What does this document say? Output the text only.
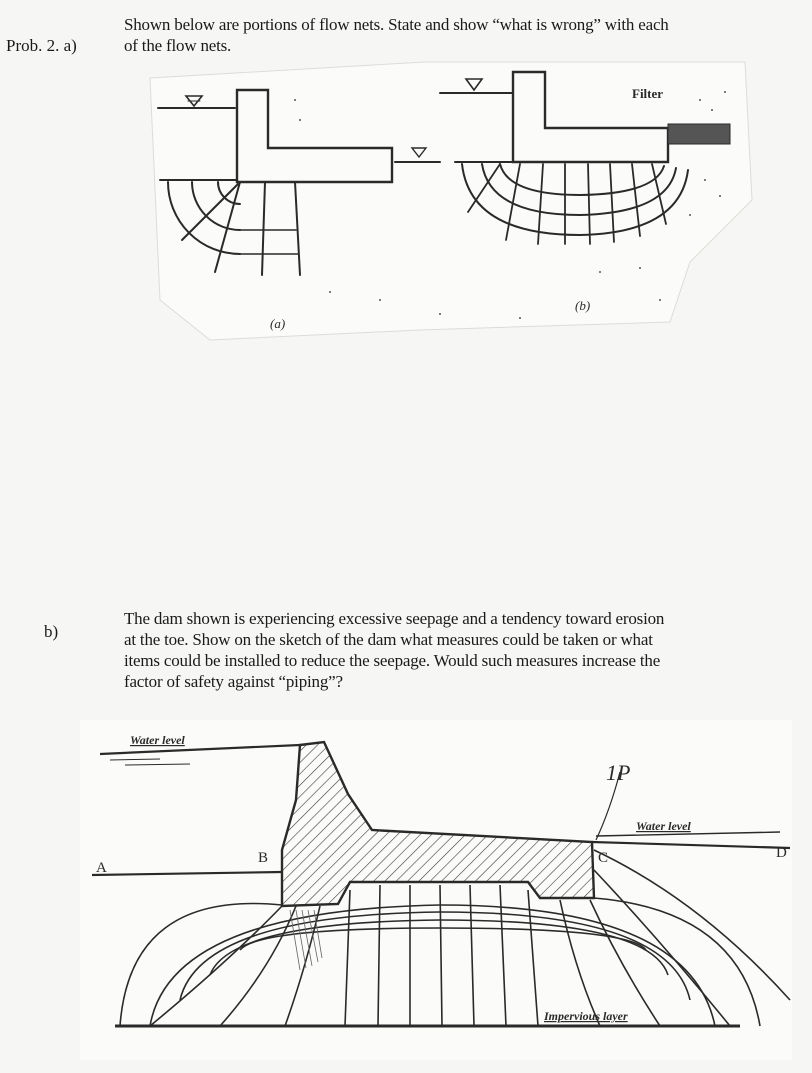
Prob. 2. a)
Shown below are portions of flow nets. State and show “what is wrong” with each
of the flow nets.
(a)
Filter
(b)
b)
The dam shown is experiencing excessive seepage and a tendency toward erosion
at the toe. Show on the sketch of the dam what measures could be taken or what
items could be installed to reduce the seepage. Would such measures increase the
factor of safety against “piping”?
Water level
Water level
A
B	C	D
1P
Impervious layer
